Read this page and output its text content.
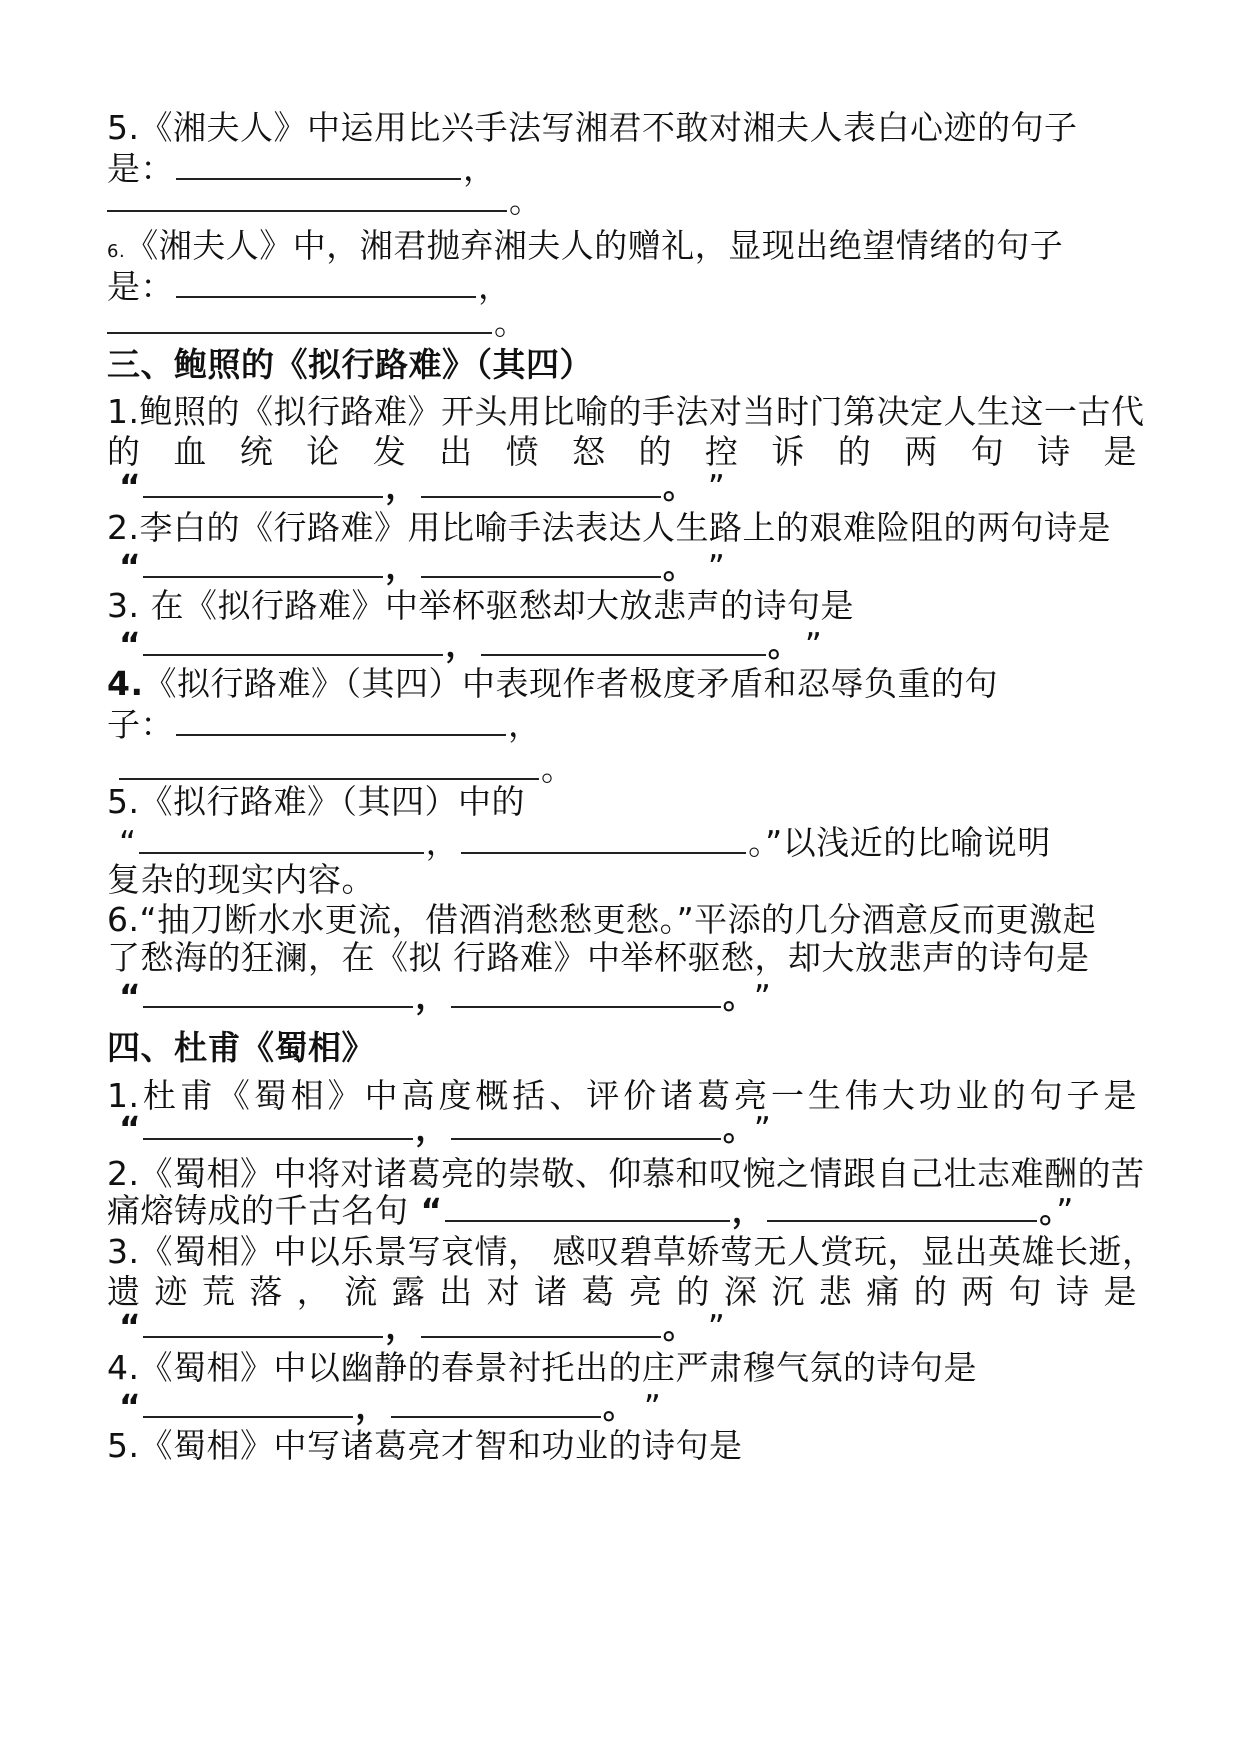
5.《湘夫人》中运用比兴手法写湘君不敢对湘夫人表白心迹的句子
是：	，
。
6.《湘夫人》中，湘君抛弃湘夫人的赠礼，显现出绝望情绪的句子
是：	，
。
三、鲍照的《拟行路难》（其四）
1.鲍照的《拟行路难》开头用比喻的手法对当时门第决定人生这一古代
的血统论发出愤怒的控诉的两句诗是
“	，	。 ”
2.李白的《行路难》用比喻手法表达人生路上的艰难险阻的两句诗是
“	，	。 ”
3. 在《拟行路难》中举杯驱愁却大放悲声的诗句是
“	，	。 ”
4.《拟行路难》（其四）中表现作者极度矛盾和忍辱负重的句
子：	，
。
5.《拟行路难》（其四）中的
“	，	。”以浅近的比喻说明
复杂的现实内容。
6.“抽刀断水水更流，借酒消愁愁更愁。”平添的几分酒意反而更激起
了愁海的狂澜，在《拟 行路难》中举杯驱愁，却大放悲声的诗句是
“	，	。 ”
四、杜甫《蜀相》
1.杜甫《蜀相》中高度概括、评价诸葛亮一生伟大功业的句子是
“	，	。 ”
2.《蜀相》中将对诸葛亮的崇敬、仰慕和叹惋之情跟自己壮志难酬的苦
痛熔铸成的千古名句 “	，	。”
3.《蜀相》中以乐景写哀情， 感叹碧草娇莺无人赏玩，显出英雄长逝，
遗迹荒落，流露出对诸葛亮的深沉悲痛的两句诗是
“	，	。 ”
4.《蜀相》中以幽静的春景衬托出的庄严肃穆气氛的诗句是
“	，	。 ”
5.《蜀相》中写诸葛亮才智和功业的诗句是
